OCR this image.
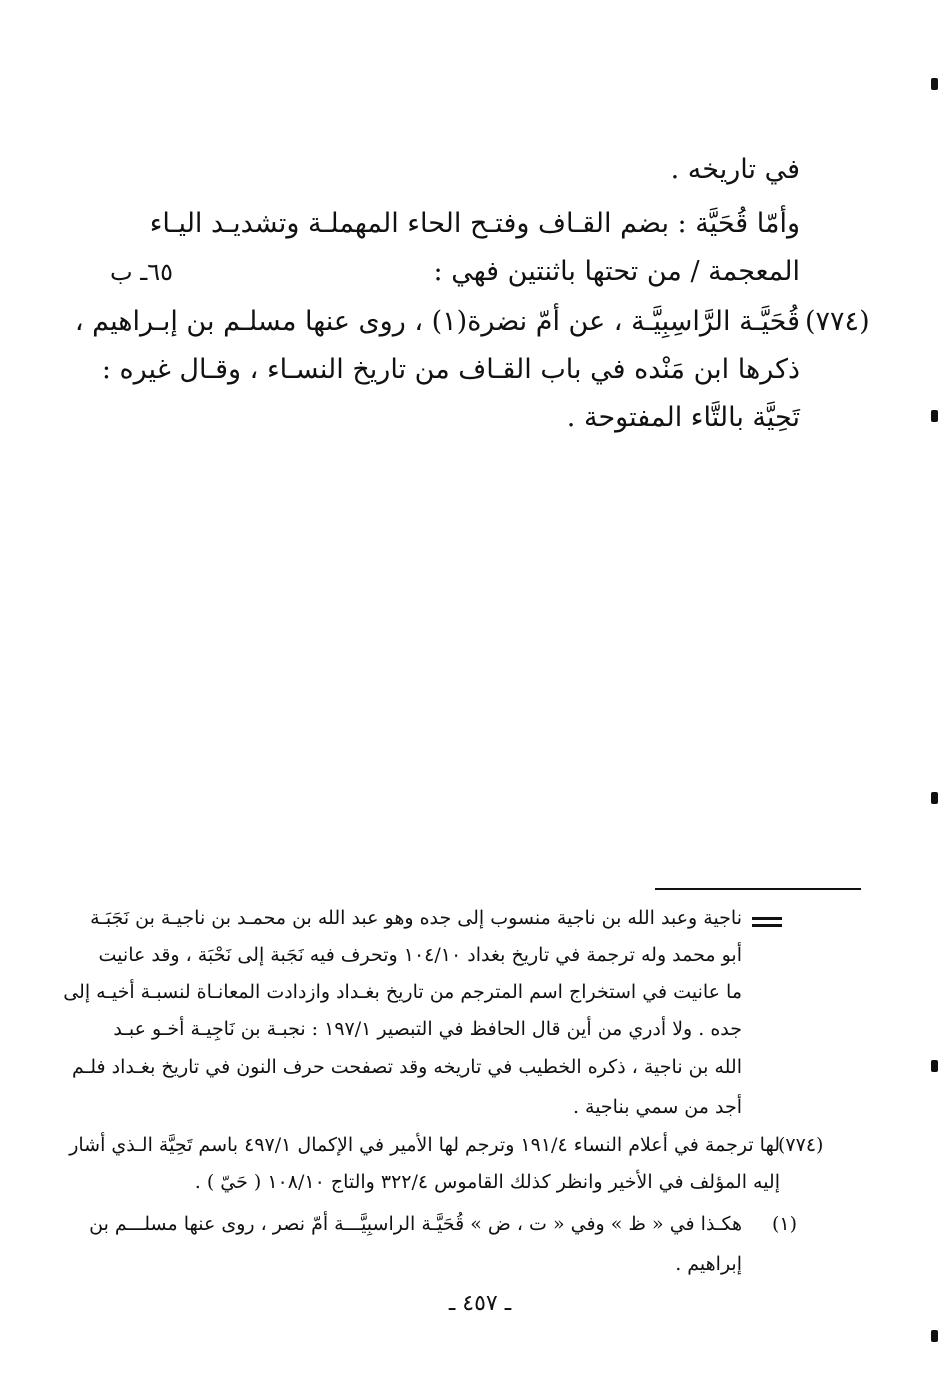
في تاريخه .
وأمّا قُحَيَّة : بضم القـاف وفتـح الحاء المهملـة وتشديـد اليـاء
المعجمة / من تحتها باثنتين فهي :
قُحَيَّـة الرَّاسِبِيَّـة ، عن أمّ نضرة(١) ، روى عنها مسلـم بن إبـراهيم ،
ذكرها ابن مَنْده في باب القـاف من تاريخ النسـاء ، وقـال غيره :
تَحِيَّة بالتَّاء المفتوحة .
٦٥ـ ب
(٧٧٤)
ناجية وعبد الله بن ناجية منسوب إلى جده وهو عبد الله بن محمـد بن ناجيـة بن نَجَبَـة
أبو محمد وله ترجمة في تاريخ بغداد ١٠٤/١٠ وتحرف فيه نَجَبة إلى نَحْبَة ، وقد عانيت
ما عانيت في استخراج اسم المترجم من تاريخ بغـداد وازدادت المعانـاة لنسبـة أخيـه إلى
جده . ولا أدري من أين قال الحافظ في التبصير ١٩٧/١ : نجبـة بن نَاجِيـة أخـو عبـد
الله بن ناجية ، ذكره الخطيب في تاريخه وقد تصفحت حرف النون في تاريخ بغـداد فلـم
أجد من سمي بناجية .
(٧٧٤)
لها ترجمة في أعلام النساء ١٩١/٤ وترجم لها الأمير في الإكمال ٤٩٧/١ باسم تَحِيَّة الـذي أشار
إليه المؤلف في الأخير وانظر كذلك القاموس ٣٢٢/٤ والتاج ١٠٨/١٠ ( حَيّ ) .
(١)
هكـذا في « ظ » وفي « ت ، ض » قُحَيَّـة الراسبِيَّـــة أمّ نصر ، روى عنها مسلـــم بن
إبراهيم .
ـ ٤٥٧ ـ
